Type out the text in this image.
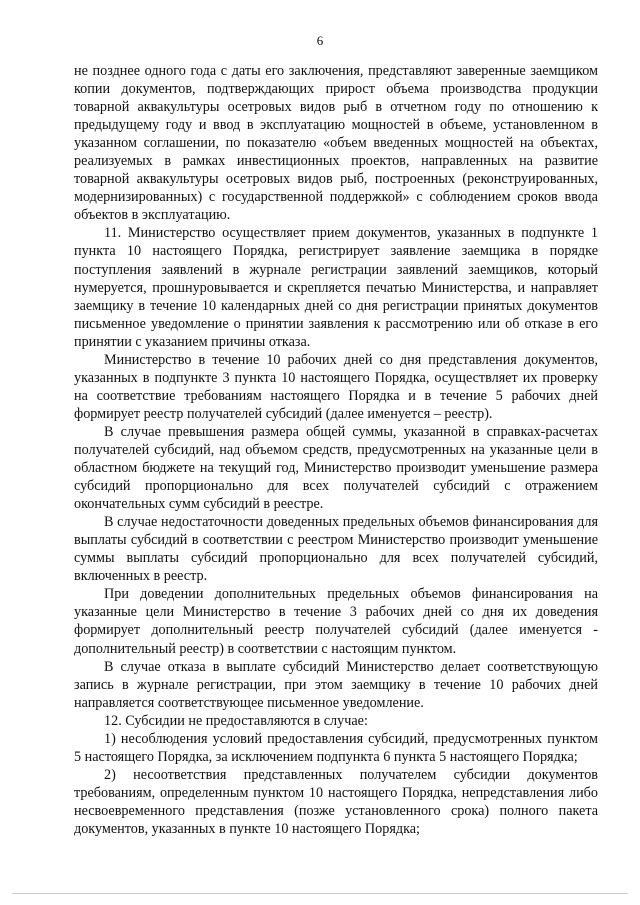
6

не позднее одного года с даты его заключения, представляют заверенные заемщиком копии документов, подтверждающих прирост объема производства продукции товарной аквакультуры осетровых видов рыб в отчетном году по отношению к предыдущему году и ввод в эксплуатацию мощностей в объеме, установленном в указанном соглашении, по показателю «объем введенных мощностей на объектах, реализуемых в рамках инвестиционных проектов, направленных на развитие товарной аквакультуры осетровых видов рыб, построенных (реконструированных, модернизированных) с государственной поддержкой» с соблюдением сроков ввода объектов в эксплуатацию.

11. Министерство осуществляет прием документов, указанных в подпункте 1 пункта 10 настоящего Порядка, регистрирует заявление заемщика в порядке поступления заявлений в журнале регистрации заявлений заемщиков, который нумеруется, прошнуровывается и скрепляется печатью Министерства, и направляет заемщику в течение 10 календарных дней со дня регистрации принятых документов письменное уведомление о принятии заявления к рассмотрению или об отказе в его принятии с указанием причины отказа.

Министерство в течение 10 рабочих дней со дня представления документов, указанных в подпункте 3 пункта 10 настоящего Порядка, осуществляет их проверку на соответствие требованиям настоящего Порядка и в течение 5 рабочих дней формирует реестр получателей субсидий (далее именуется – реестр).

В случае превышения размера общей суммы, указанной в справках-расчетах получателей субсидий, над объемом средств, предусмотренных на указанные цели в областном бюджете на текущий год, Министерство производит уменьшение размера субсидий пропорционально для всех получателей субсидий с отражением окончательных сумм субсидий в реестре.

В случае недостаточности доведенных предельных объемов финансирования для выплаты субсидий в соответствии с реестром Министерство производит уменьшение суммы выплаты субсидий пропорционально для всех получателей субсидий, включенных в реестр.

При доведении дополнительных предельных объемов финансирования на указанные цели Министерство в течение 3 рабочих дней со дня их доведения формирует дополнительный реестр получателей субсидий (далее именуется - дополнительный реестр) в соответствии с настоящим пунктом.

В случае отказа в выплате субсидий Министерство делает соответствующую запись в журнале регистрации, при этом заемщику в течение 10 рабочих дней направляется соответствующее письменное уведомление.

12. Субсидии не предоставляются в случае:

1) несоблюдения условий предоставления субсидий, предусмотренных пунктом 5 настоящего Порядка, за исключением подпункта 6 пункта 5 настоящего Порядка;

2) несоответствия представленных получателем субсидии документов требованиям, определенным пунктом 10 настоящего Порядка, непредставления либо несвоевременного представления (позже установленного срока) полного пакета документов, указанных в пункте 10 настоящего Порядка;
